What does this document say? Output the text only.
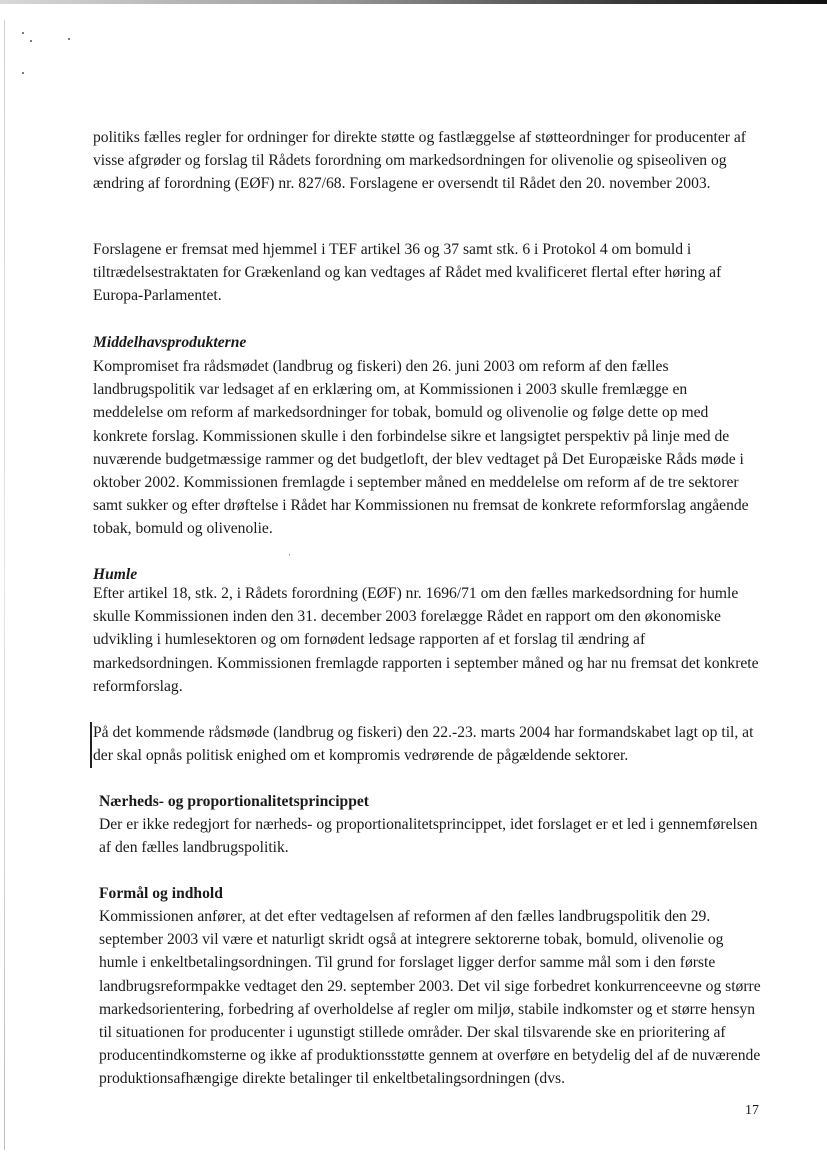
politiks fælles regler for ordninger for direkte støtte og fastlæggelse af støtteordninger for producenter af visse afgrøder og forslag til Rådets forordning om markedsordningen for olivenolie og spiseoliven og ændring af forordning (EØF) nr. 827/68. Forslagene er oversendt til Rådet den 20. november 2003.

Forslagene er fremsat med hjemmel i TEF artikel 36 og 37 samt stk. 6 i Protokol 4 om bomuld i tiltrædelsestraktaten for Grækenland og kan vedtages af Rådet med kvalificeret flertal efter høring af Europa-Parlamentet.

Middelhavsprodukterne

Kompromiset fra rådsmødet (landbrug og fiskeri) den 26. juni 2003 om reform af den fælles landbrugspolitik var ledsaget af en erklæring om, at Kommissionen i 2003 skulle fremlægge en meddelelse om reform af markedsordninger for tobak, bomuld og olivenolie og følge dette op med konkrete forslag. Kommissionen skulle i den forbindelse sikre et langsigtet perspektiv på linje med de nuværende budgetmæssige rammer og det budgetloft, der blev vedtaget på Det Europæiske Råds møde i oktober 2002. Kommissionen fremlagde i september måned en meddelelse om reform af de tre sektorer samt sukker og efter drøftelse i Rådet har Kommissionen nu fremsat de konkrete reformforslag angående tobak, bomuld og olivenolie.

ˌ
Humle

Efter artikel 18, stk. 2, i Rådets forordning (EØF) nr. 1696/71 om den fælles markedsordning for humle skulle Kommissionen inden den 31. december 2003 forelægge Rådet en rapport om den økonomiske udvikling i humlesektoren og om fornødent ledsage rapporten af et forslag til ændring af markedsordningen. Kommissionen fremlagde rapporten i september måned og har nu fremsat det konkrete reformforslag.

På det kommende rådsmøde (landbrug og fiskeri) den 22.-23. marts 2004 har formandskabet lagt op til, at der skal opnås politisk enighed om et kompromis vedrørende de pågældende sektorer.

Nærheds- og proportionalitetsprincippet

Der er ikke redegjort for nærheds- og proportionalitetsprincippet, idet forslaget er et led i gennemførelsen af den fælles landbrugspolitik.

Formål og indhold

Kommissionen anfører, at det efter vedtagelsen af reformen af den fælles landbrugspolitik den 29. september 2003 vil være et naturligt skridt også at integrere sektorerne tobak, bomuld, olivenolie og humle i enkeltbetalingsordningen. Til grund for forslaget ligger derfor samme mål som i den første landbrugsreformpakke vedtaget den 29. september 2003. Det vil sige forbedret konkurrenceevne og større markedsorientering, forbedring af overholdelse af regler om miljø, stabile indkomster og et større hensyn til situationen for producenter i ugunstigt stillede områder. Der skal tilsvarende ske en prioritering af producentindkomsterne og ikke af produktionsstøtte gennem at overføre en betydelig del af de nuværende produktionsafhængige direkte betalinger til enkeltbetalingsordningen (dvs.

17
